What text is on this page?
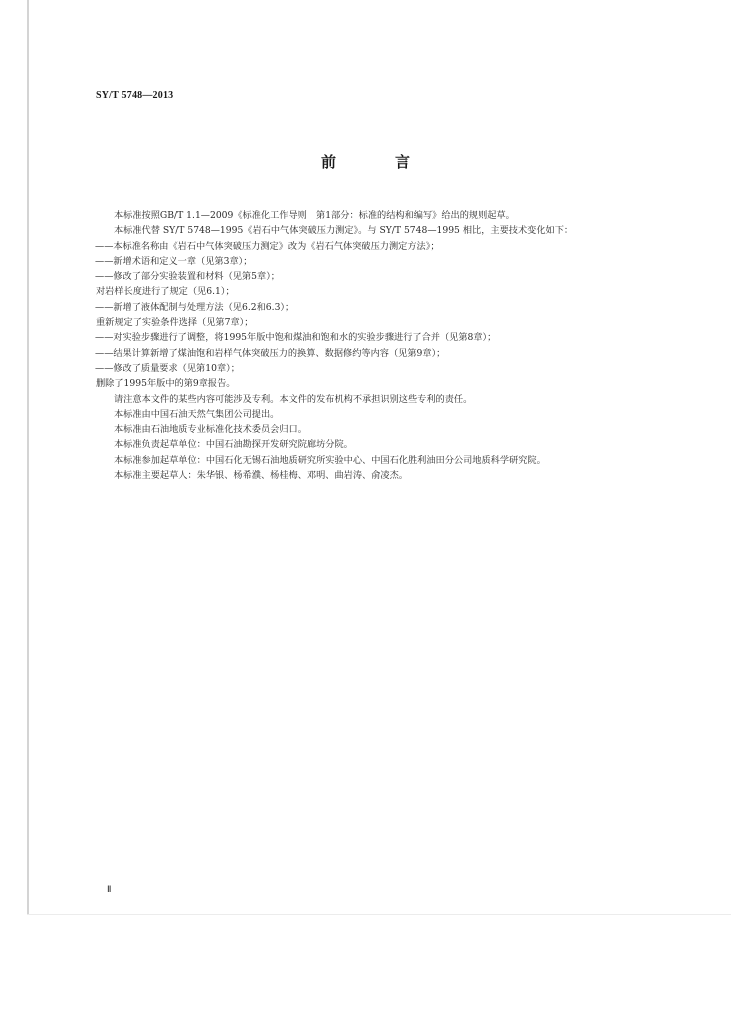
SY/T 5748—2013
前　言

本标准按照GB/T 1.1—2009《标准化工作导则　第1部分：标准的结构和编写》给出的规则起草。

本标准代替 SY/T 5748—1995《岩石中气体突破压力测定》。与 SY/T 5748—1995 相比，主要技术变化如下：

——本标准名称由《岩石中气体突破压力测定》改为《岩石气体突破压力测定方法》；

——新增术语和定义一章（见第3章）；

——修改了部分实验装置和材料（见第5章）；

对岩样长度进行了规定（见6.1）；

——新增了液体配制与处理方法（见6.2和6.3）；

重新规定了实验条件选择（见第7章）；

——对实验步骤进行了调整，将1995年版中饱和煤油和饱和水的实验步骤进行了合并（见第8章）；

——结果计算新增了煤油饱和岩样气体突破压力的换算、数据修约等内容（见第9章）；

——修改了质量要求（见第10章）；

删除了1995年版中的第9章报告。

请注意本文件的某些内容可能涉及专利。本文件的发布机构不承担识别这些专利的责任。

本标准由中国石油天然气集团公司提出。

本标准由石油地质专业标准化技术委员会归口。

本标准负责起草单位：中国石油勘探开发研究院廊坊分院。

本标准参加起草单位：中国石化无锡石油地质研究所实验中心、中国石化胜利油田分公司地质科学研究院。

本标准主要起草人：朱华银、杨希濮、杨桂梅、邓明、曲岩涛、俞凌杰。

Ⅱ
